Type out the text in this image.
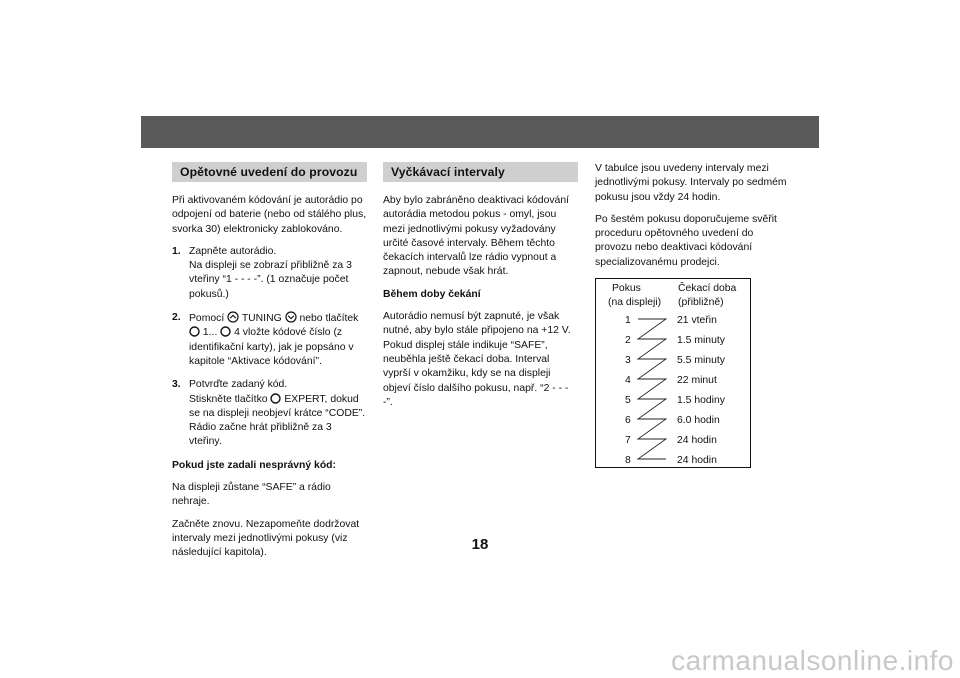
Opětovné uvedení do provozu

Při aktivovaném kódování je autorádio po odpojení od baterie (nebo od stálého plus, svorka 30) elektronicky zablokováno.

1. Zapněte autorádio.
Na displeji se zobrazí přibližně za 3 vteřiny “1 - - - -”. (1 označuje počet pokusů.)
2. Pomocí TUNING nebo tlačítek
1... 4 vložte kódové číslo (z identifikační karty), jak je popsáno v kapitole “Aktivace kódování”.
3. Potvrďte zadaný kód.
Stiskněte tlačítko EXPERT, dokud se na displeji neobjeví krátce “CODE”.
Rádio začne hrát přibližně za 3 vteřiny.

Pokud jste zadali nesprávný kód:

Na displeji zůstane “SAFE” a rádio nehraje.

Začněte znovu. Nezapomeňte dodržovat intervaly mezi jednotlivými pokusy (viz následující kapitola).

Vyčkávací intervaly

Aby bylo zabráněno deaktivaci kódování autorádia metodou pokus - omyl, jsou mezi jednotlivými pokusy vyžadovány určité časové intervaly. Během těchto čekacích intervalů lze rádio vypnout a zapnout, nebude však hrát.

Během doby čekání

Autorádio nemusí být zapnuté, je však nutné, aby bylo stále připojeno na +12 V. Pokud displej stále indikuje “SAFE”, neuběhla ještě čekací doba. Interval vyprší v okamžiku, kdy se na displeji objeví číslo dalšího pokusu, např. “2 - - - -”.

V tabulce jsou uvedeny intervaly mezi jednotlivými pokusy. Intervaly po sedmém pokusu jsou vždy 24 hodin.

Po šestém pokusu doporučujeme svěřit proceduru opětovného uvedení do provozu nebo deaktivaci kódování specializovanému prodejci.

Pokus
(na displeji)
Čekací doba
(přibližně)
1	21 vteřin
2	1.5 minuty
3	5.5 minuty
4	22 minut
5	1.5 hodiny
6	6.0 hodin
7	24 hodin
8	24 hodin
18
carmanualsonline.info
